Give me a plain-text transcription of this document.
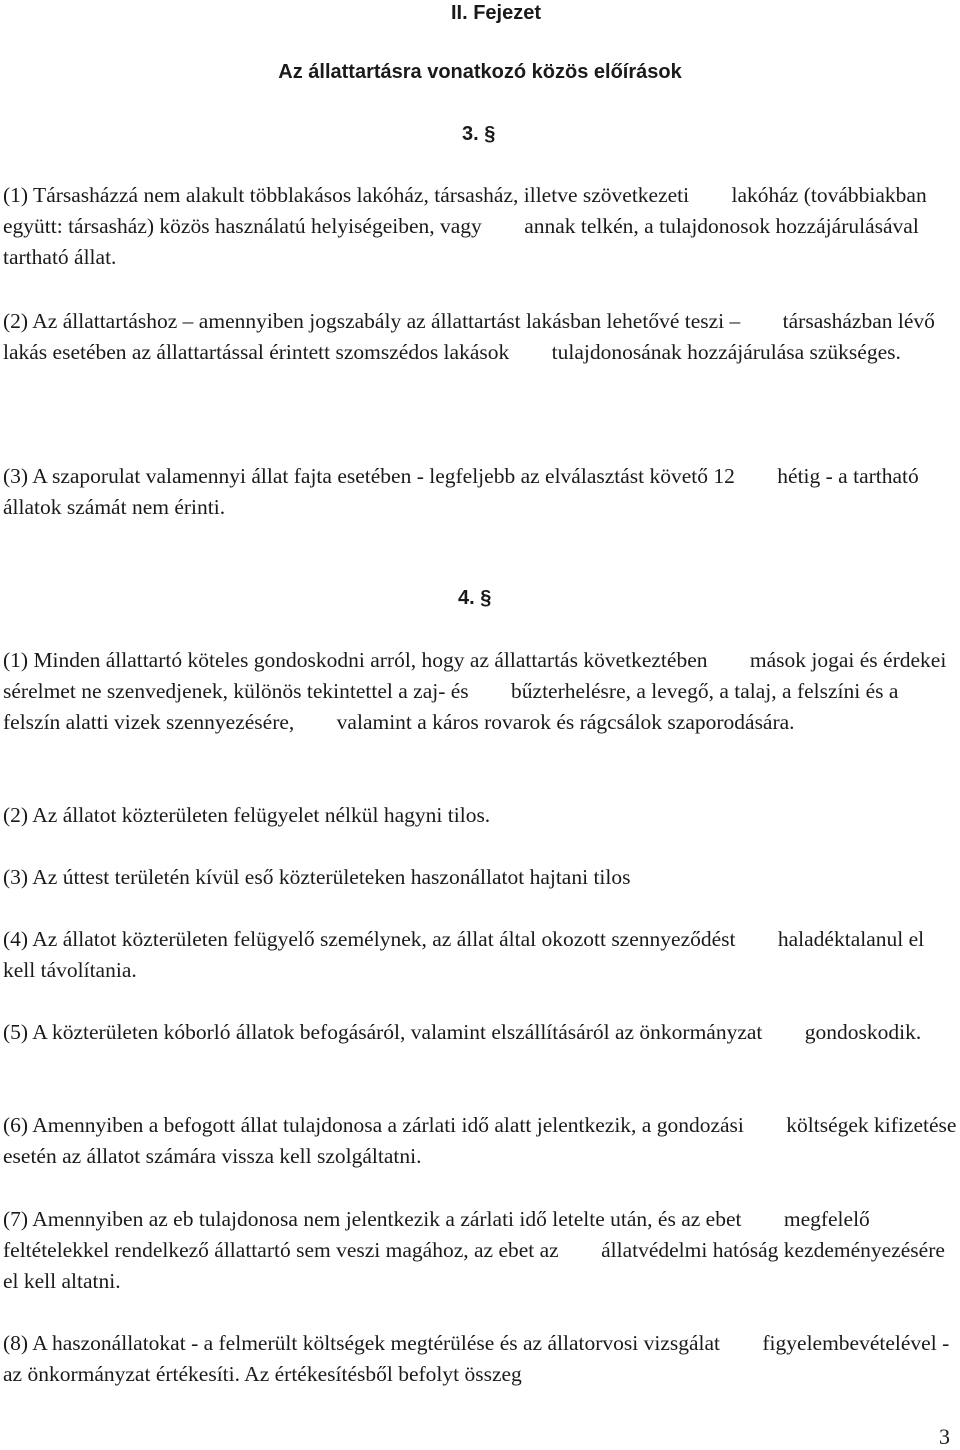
II. Fejezet
Az állattartásra vonatkozó közös előírások
3. §
(1) Társasházzá nem alakult többlakásos lakóház, társasház, illetve szövetkezeti lakóház (továbbiakban együtt: társasház) közös használatú helyiségeiben, vagy annak telkén, a tulajdonosok hozzájárulásával tartható állat.
(2) Az állattartáshoz – amennyiben jogszabály az állattartást lakásban lehetővé teszi – társasházban lévő lakás esetében az állattartással érintett szomszédos lakások tulajdonosának hozzájárulása szükséges.
(3) A szaporulat valamennyi állat fajta esetében - legfeljebb az elválasztást követő 12 hétig - a tartható állatok számát nem érinti.
4. §
(1) Minden állattartó köteles gondoskodni arról, hogy az állattartás következtében mások jogai és érdekei sérelmet ne szenvedjenek, különös tekintettel a zaj- és bűzterhelésre, a levegő, a talaj, a felszíni és a felszín alatti vizek szennyezésére, valamint a káros rovarok és rágcsálok szaporodására.
(2) Az állatot közterületen felügyelet nélkül hagyni tilos.
(3) Az úttest területén kívül eső közterületeken haszonállatot hajtani tilos
(4) Az állatot közterületen felügyelő személynek, az állat által okozott szennyeződést haladéktalanul el kell távolítania.
(5) A közterületen kóborló állatok befogásáról, valamint elszállításáról az önkormányzat gondoskodik.
(6) Amennyiben a befogott állat tulajdonosa a zárlati idő alatt jelentkezik, a gondozási költségek kifizetése esetén az állatot számára vissza kell szolgáltatni.
(7) Amennyiben az eb tulajdonosa nem jelentkezik a zárlati idő letelte után, és az ebet megfelelő feltételekkel rendelkező állattartó sem veszi magához, az ebet az állatvédelmi hatóság kezdeményezésére el kell altatni.
(8) A haszonállatokat - a felmerült költségek megtérülése és az állatorvosi vizsgálat figyelembevételével - az önkormányzat értékesíti. Az értékesítésből befolyt összeg
3
